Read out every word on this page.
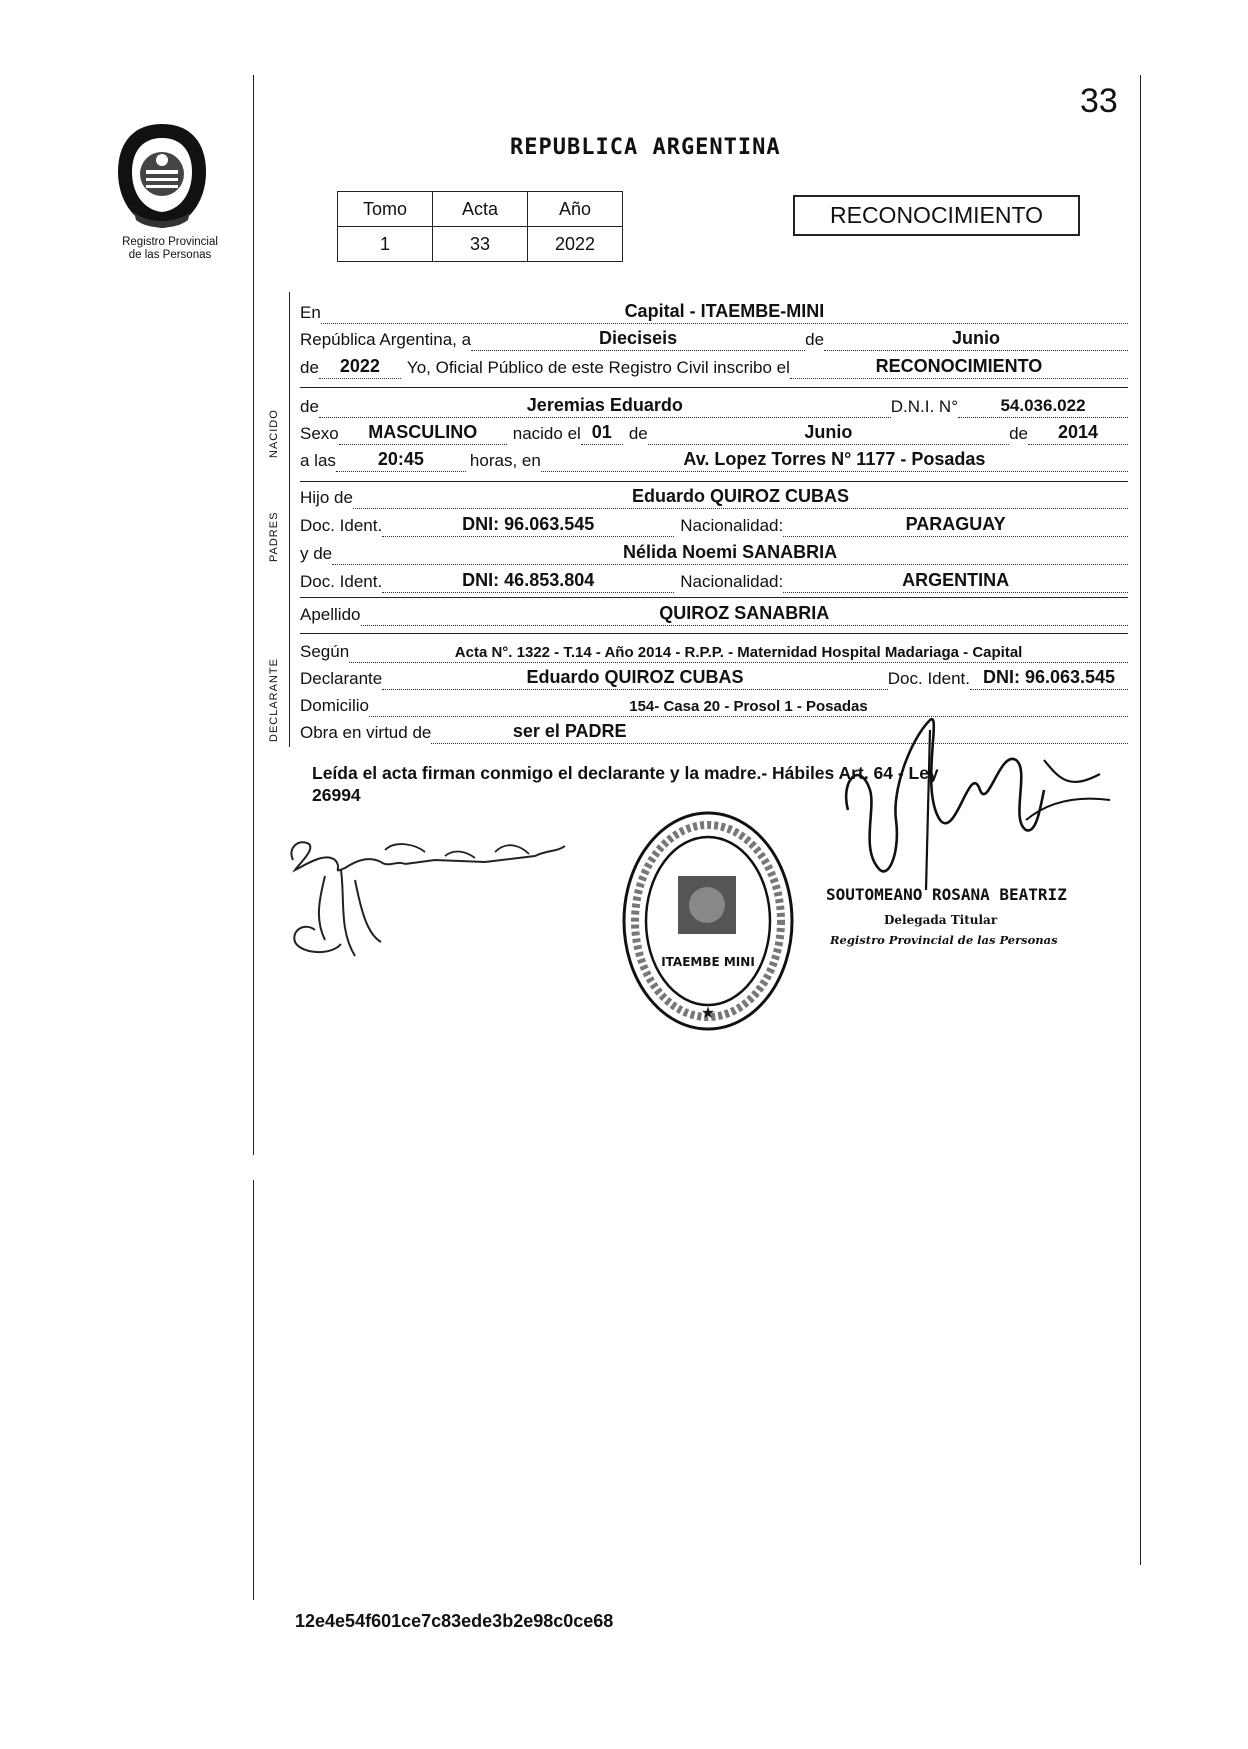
33
Registro Provincial
de las Personas
REPUBLICA ARGENTINA
Tomo	Acta	Año
1	33	2022
RECONOCIMIENTO
En	Capital - ITAEMBE-MINI
República Argentina, a	Dieciseis	de	Junio
de 2022 Yo, Oficial Público de este Registro Civil inscribo el	RECONOCIMIENTO
NACIDO
de	Jeremias Eduardo	D.N.I. N° 54.036.022
Sexo MASCULINO nacido el 01 de	Junio	de 2014
a las 20:45	horas, en	Av. Lopez Torres N° 1177 - Posadas
PADRES
Hijo de	Eduardo QUIROZ CUBAS
Doc. Ident.	DNI: 96.063.545	Nacionalidad:	PARAGUAY
y de	Nélida Noemi SANABRIA
Doc. Ident.	DNI: 46.853.804	Nacionalidad:	ARGENTINA
Apellido	QUIROZ SANABRIA
DECLARANTE
Según	Acta N°. 1322 - T.14 - Año 2014 - R.P.P. - Maternidad Hospital Madariaga - Capital
Declarante	Eduardo QUIROZ CUBAS	Doc. Ident. DNI: 96.063.545
Domicilio	154- Casa 20 - Prosol 1 - Posadas
Obra en virtud de	ser el PADRE
Leída el acta firman conmigo el declarante y la madre.- Hábiles Art. 64 - Ley
26994
ITAEMBE MINI
★
SOUTOMEANO ROSANA BEATRIZ
Delegada Titular
Registro Provincial de las Personas
12e4e54f601ce7c83ede3b2e98c0ce68
